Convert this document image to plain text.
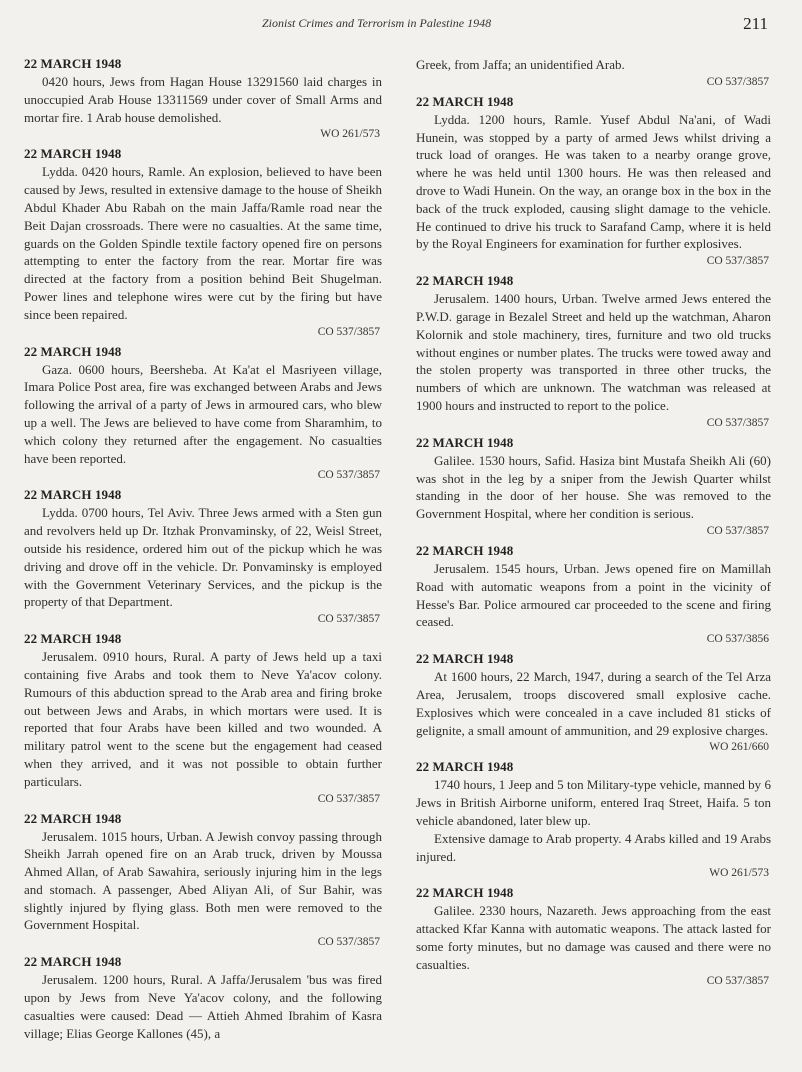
Zionist Crimes and Terrorism in Palestine 1948	211

22 MARCH 1948

0420 hours, Jews from Hagan House 13291560 laid charges in unoccupied Arab House 13311569 under cover of Small Arms and mortar fire. 1 Arab house demolished.

WO 261/573

22 MARCH 1948

Lydda. 0420 hours, Ramle. An explosion, believed to have been caused by Jews, resulted in extensive damage to the house of Sheikh Abdul Khader Abu Rabah on the main Jaffa/Ramle road near the Beit Dajan crossroads. There were no casualties. At the same time, guards on the Golden Spindle textile factory opened fire on persons attempting to enter the factory from the rear. Mortar fire was directed at the factory from a position behind Beit Shugelman. Power lines and telephone wires were cut by the firing but have since been repaired.

CO 537/3857

22 MARCH 1948

Gaza. 0600 hours, Beersheba. At Ka'at el Masriyeen village, Imara Police Post area, fire was exchanged between Arabs and Jews following the arrival of a party of Jews in armoured cars, who blew up a well. The Jews are believed to have come from Sharamhim, to which colony they returned after the engagement. No casualties have been reported.

CO 537/3857

22 MARCH 1948

Lydda. 0700 hours, Tel Aviv. Three Jews armed with a Sten gun and revolvers held up Dr. Itzhak Pronvaminsky, of 22, Weisl Street, outside his residence, ordered him out of the pickup which he was driving and drove off in the vehicle. Dr. Ponvaminsky is employed with the Government Veterinary Services, and the pickup is the property of that Department.

CO 537/3857

22 MARCH 1948

Jerusalem. 0910 hours, Rural. A party of Jews held up a taxi containing five Arabs and took them to Neve Ya'acov colony. Rumours of this abduction spread to the Arab area and firing broke out between Jews and Arabs, in which mortars were used. It is reported that four Arabs have been killed and two wounded. A military patrol went to the scene but the engagement had ceased when they arrived, and it was not possible to obtain further particulars.

CO 537/3857

22 MARCH 1948

Jerusalem. 1015 hours, Urban. A Jewish convoy passing through Sheikh Jarrah opened fire on an Arab truck, driven by Moussa Ahmed Allan, of Arab Sawahira, seriously injuring him in the legs and stomach. A passenger, Abed Aliyan Ali, of Sur Bahir, was slightly injured by flying glass. Both men were removed to the Government Hospital.

CO 537/3857

22 MARCH 1948

Jerusalem. 1200 hours, Rural. A Jaffa/Jerusalem 'bus was fired upon by Jews from Neve Ya'acov colony, and the following casualties were caused: Dead — Attieh Ahmed Ibrahim of Kasra village; Elias George Kallones (45), a

Greek, from Jaffa; an unidentified Arab.

CO 537/3857

22 MARCH 1948

Lydda. 1200 hours, Ramle. Yusef Abdul Na'ani, of Wadi Hunein, was stopped by a party of armed Jews whilst driving a truck load of oranges. He was taken to a nearby orange grove, where he was held until 1300 hours. He was then released and drove to Wadi Hunein. On the way, an orange box in the box in the back of the truck exploded, causing slight damage to the vehicle. He continued to drive his truck to Sarafand Camp, where it is held by the Royal Engineers for examination for further explosives.

CO 537/3857

22 MARCH 1948

Jerusalem. 1400 hours, Urban. Twelve armed Jews entered the P.W.D. garage in Bezalel Street and held up the watchman, Aharon Kolornik and stole machinery, tires, furniture and two old trucks without engines or number plates. The trucks were towed away and the stolen property was transported in three other trucks, the numbers of which are unknown. The watchman was released at 1900 hours and instructed to report to the police.

CO 537/3857

22 MARCH 1948

Galilee. 1530 hours, Safid. Hasiza bint Mustafa Sheikh Ali (60) was shot in the leg by a sniper from the Jewish Quarter whilst standing in the door of her house. She was removed to the Government Hospital, where her condition is serious.

CO 537/3857

22 MARCH 1948

Jerusalem. 1545 hours, Urban. Jews opened fire on Mamillah Road with automatic weapons from a point in the vicinity of Hesse's Bar. Police armoured car proceeded to the scene and firing ceased.

CO 537/3856

22 MARCH 1948

At 1600 hours, 22 March, 1947, during a search of the Tel Arza Area, Jerusalem, troops discovered small explosive cache. Explosives which were concealed in a cave included 81 sticks of gelignite, a small amount of ammunition, and 29 explosive charges.

WO 261/660

22 MARCH 1948

1740 hours, 1 Jeep and 5 ton Military-type vehicle, manned by 6 Jews in British Airborne uniform, entered Iraq Street, Haifa. 5 ton vehicle abandoned, later blew up.

Extensive damage to Arab property. 4 Arabs killed and 19 Arabs injured.

WO 261/573

22 MARCH 1948

Galilee. 2330 hours, Nazareth. Jews approaching from the east attacked Kfar Kanna with automatic weapons. The attack lasted for some forty minutes, but no damage was caused and there were no casualties.

CO 537/3857
